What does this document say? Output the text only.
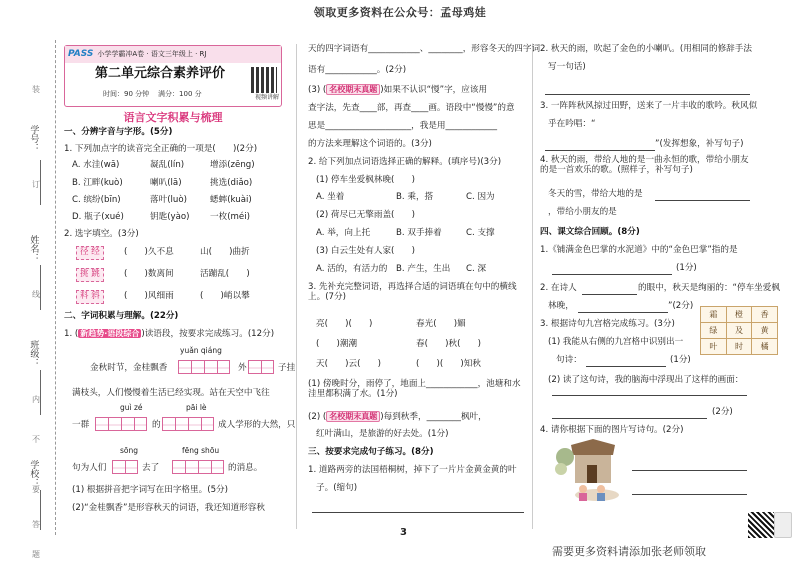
领取更多资料在公众号：孟母鸡娃
学号：
姓名：
班级：
学校：
装
订
线
内
不
要
答
题
PASS 小学学霸冲A卷 · 语文三年级上 · RJ
第二单元综合素养评价
时间：90 分钟 满分：100 分	视频讲解
语言文字积累与梳理
一、分辨字音与字形。(5分)
1. 下列加点字的读音完全正确的一项是(　　)(2分)
A. 水洼(wā)	凝乱(lín)	增添(zēng)
B. 江畔(kuò)	喇叭(lā)	挑选(diǎo)
C. 缤纷(bīn)	落叶(luò)	蟋蟀(kuài)
D. 瓶子(xué)	钥匙(yào) 一枚(méi)
2. 选字填空。(3分)
径 经	(　　)久不息	山(　　)曲折
挑 跳	(　　)数离间	活蹦乱(　　)
料 斜	(　　)风细雨	(　　)峭以攀
二、字词积累与理解。(22分)
1. ( 新趋势·语段综合 )读语段，按要求完成练习。(12分)
yuǎn qiáng
金秋时节，金桂飘香	外	子挂
满枝头，人们慢慢着生活已经实现。站在天空中飞往
guì zé	pāi lè
一群	的	成人学形的大然，只
sōng	fēng shōu
句为人们	去了	的消息。
(1) 根据拼音把字词写在田字格里。(5分)
(2)“金桂飘香”是形容秋天的词语，我还知道形容秋
天的四字词语有____________、________，形容冬天的四字词
语有____________。(2分)
(3) ( 名校期末真题 )如果不认识“慢”字，应该用
查字法，先查____部，再查____画。语段中“慢慢”的意
思是____________________，我是用____________
的方法来理解这个词语的。(3分)
2. 给下列加点词语选择正确的解释。(填序号)(3分)
(1) 停车坐爱枫林晚(　　)
A. 坐着	B. 乘，搭	C. 因为
(2) 荷尽已无擎雨盖(　　)
A. 举，向上托	B. 双手捧着	C. 支撑
(3) 白云生处有人家(　　)
A. 活的，有活力的 B. 产生，生出 C. 深
3. 先补充完整词语，再选择合适的词语填在句中的横线上。(7分)
亮(　　)(　　)	春光(　　)媚
(　　)潮潮	春(　　)秋(　　)
天(　　)云(　　)	(　　)(　　)知秋
(1) 傍晚时分，雨停了，地面上____________，池塘和水洼里都积满了水。(1分)
(2) ( 名校期末真题 )每到秋季，________枫叶，
红叶满山，是旅游的好去处。(1分)
三、按要求完成句子练习。(8分)
1. 道路两旁的法国梧桐树，掉下了一片片金黄金黄的叶
子。(缩句)
2. 秋天的雨，吹起了金色的小喇叭。(用相同的修辞手法
写一句话)
3. 一阵阵秋风掠过田野，送来了一片丰收的歌吟。秋风似
乎在吟唱：“
”(发挥想象，补写句子)
4. 秋天的雨，带给人地的是一曲永恒的歌，带给小朋友的是一首欢乐的歌。(照样子，补写句子)
冬天的雪，带给大地的是
，带给小朋友的是
四、课文综合回顾。(8分)
1.《铺满金色巴掌的水泥道》中的“金色巴掌”指的是
(1分)
2. 在诗人	的眼中，秋天是绚丽的：“停车坐爱枫
林晚，	”(2分)
3. 根据诗句九宫格完成练习。(3分)
(1) 我能从右侧的九宫格中识别出一
句诗：	(1分)
霜	橙	香
绿	及	黄
叶	时	橘
(2) 读了这句诗，我的脑海中浮现出了这样的画面：
(2分)
4. 请你根据下面的图片写诗句。(2分)
3
需要更多资料请添加张老师领取
